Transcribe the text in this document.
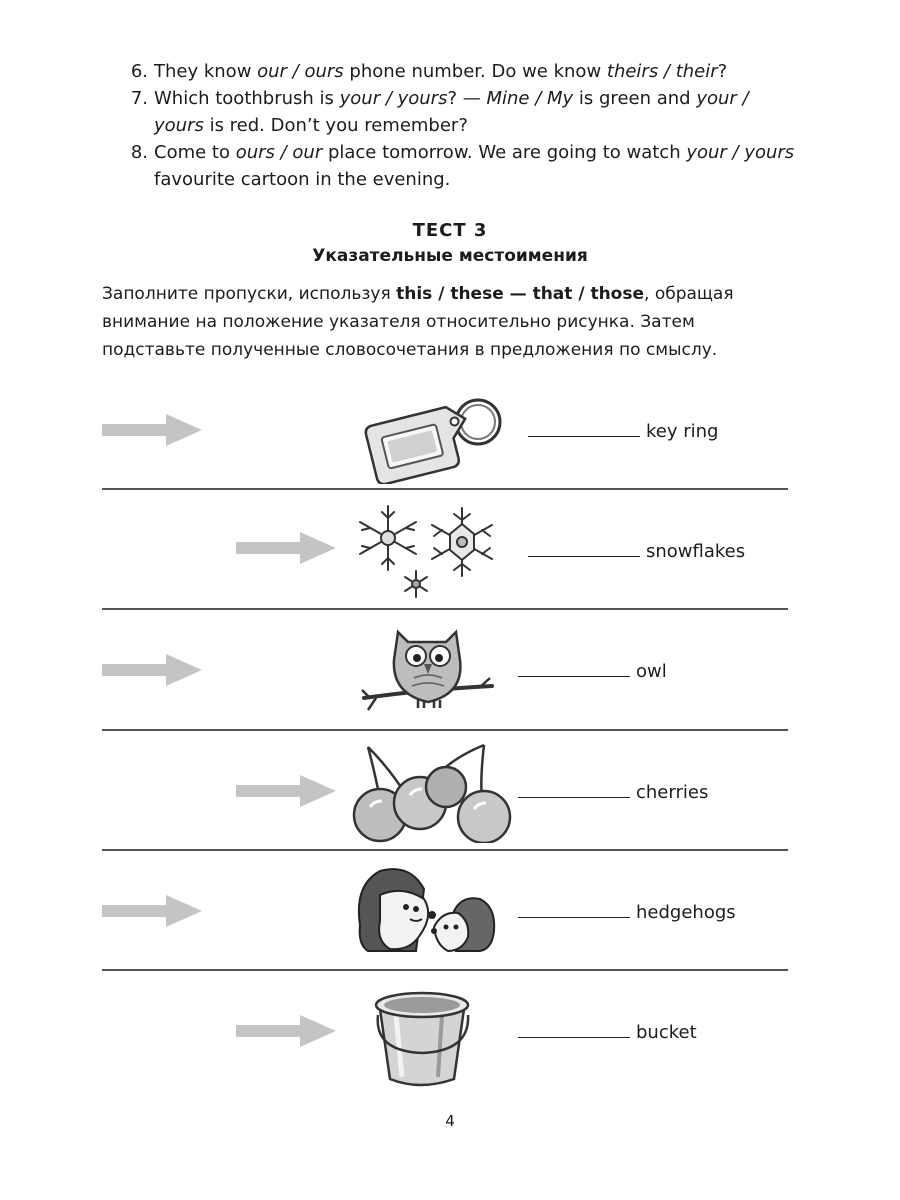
6. They know our / ours phone number. Do we know theirs / their?
7. Which toothbrush is your / yours? — Mine / My is green and your / yours is red. Don’t you remember?
8. Come to ours / our place tomorrow. We are going to watch your / yours favourite cartoon in the evening.
ТЕСТ 3
Указательные местоимения

Заполните пропуски, используя this / these — that / those, обращая внимание на положение указателя относительно рисунка. Затем подставьте полученные словосочетания в предложения по смыслу.

key ring
snowflakes
owl
cherries
hedgehogs
bucket
4
